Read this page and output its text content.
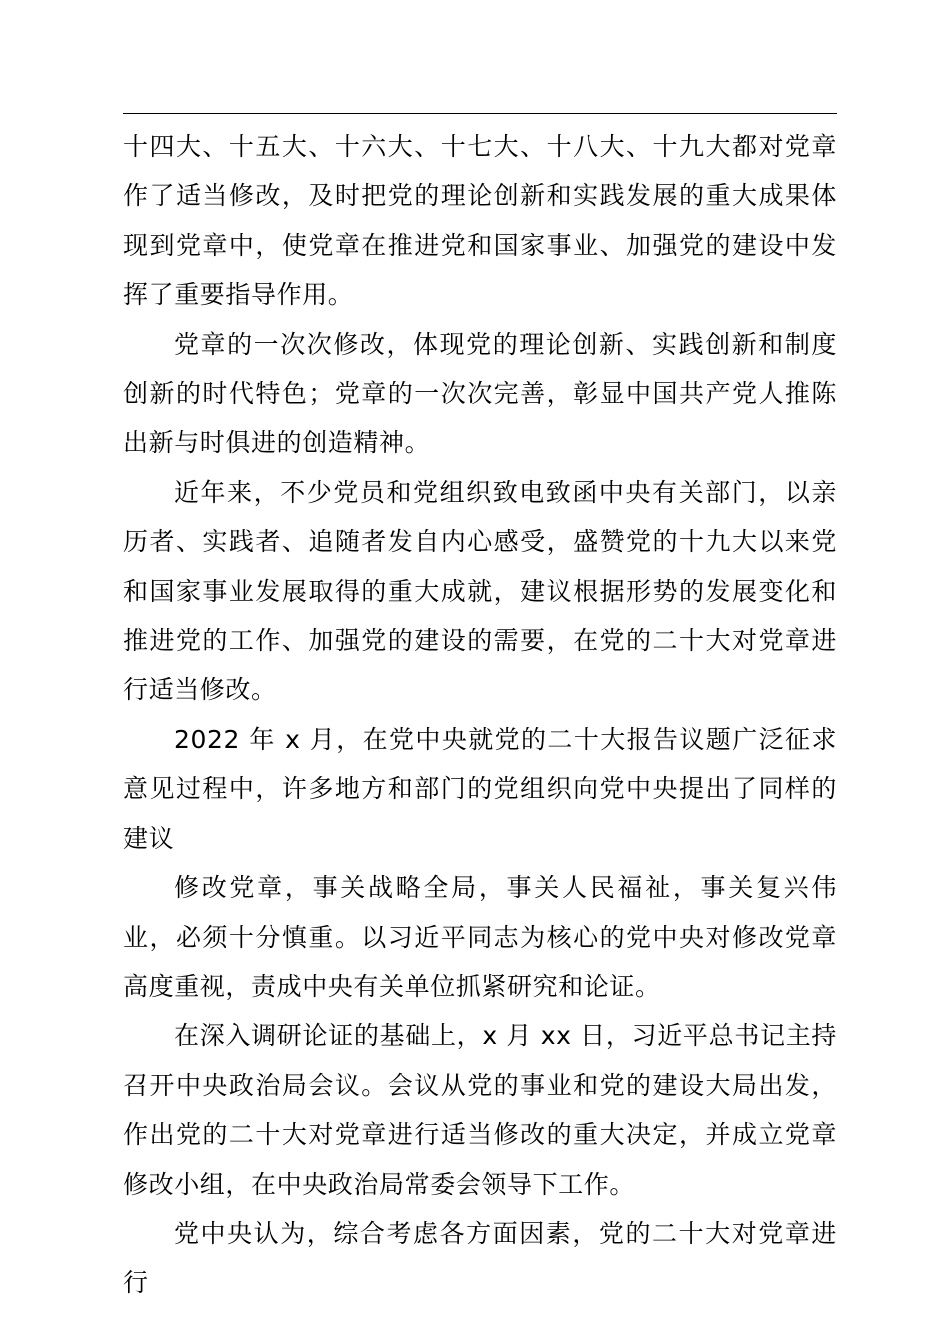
十四大、十五大、十六大、十七大、十八大、十九大都对党章作了适当修改，及时把党的理论创新和实践发展的重大成果体现到党章中，使党章在推进党和国家事业、加强党的建设中发挥了重要指导作用。

党章的一次次修改，体现党的理论创新、实践创新和制度创新的时代特色；党章的一次次完善，彰显中国共产党人推陈出新与时俱进的创造精神。

近年来，不少党员和党组织致电致函中央有关部门，以亲历者、实践者、追随者发自内心感受，盛赞党的十九大以来党和国家事业发展取得的重大成就，建议根据形势的发展变化和推进党的工作、加强党的建设的需要，在党的二十大对党章进行适当修改。

2022 年 x 月，在党中央就党的二十大报告议题广泛征求意见过程中，许多地方和部门的党组织向党中央提出了同样的建议

修改党章，事关战略全局，事关人民福祉，事关复兴伟业，必须十分慎重。以习近平同志为核心的党中央对修改党章高度重视，责成中央有关单位抓紧研究和论证。

在深入调研论证的基础上，x 月 xx 日，习近平总书记主持召开中央政治局会议。会议从党的事业和党的建设大局出发，作出党的二十大对党章进行适当修改的重大决定，并成立党章修改小组，在中央政治局常委会领导下工作。

党中央认为，综合考虑各方面因素，党的二十大对党章进行
